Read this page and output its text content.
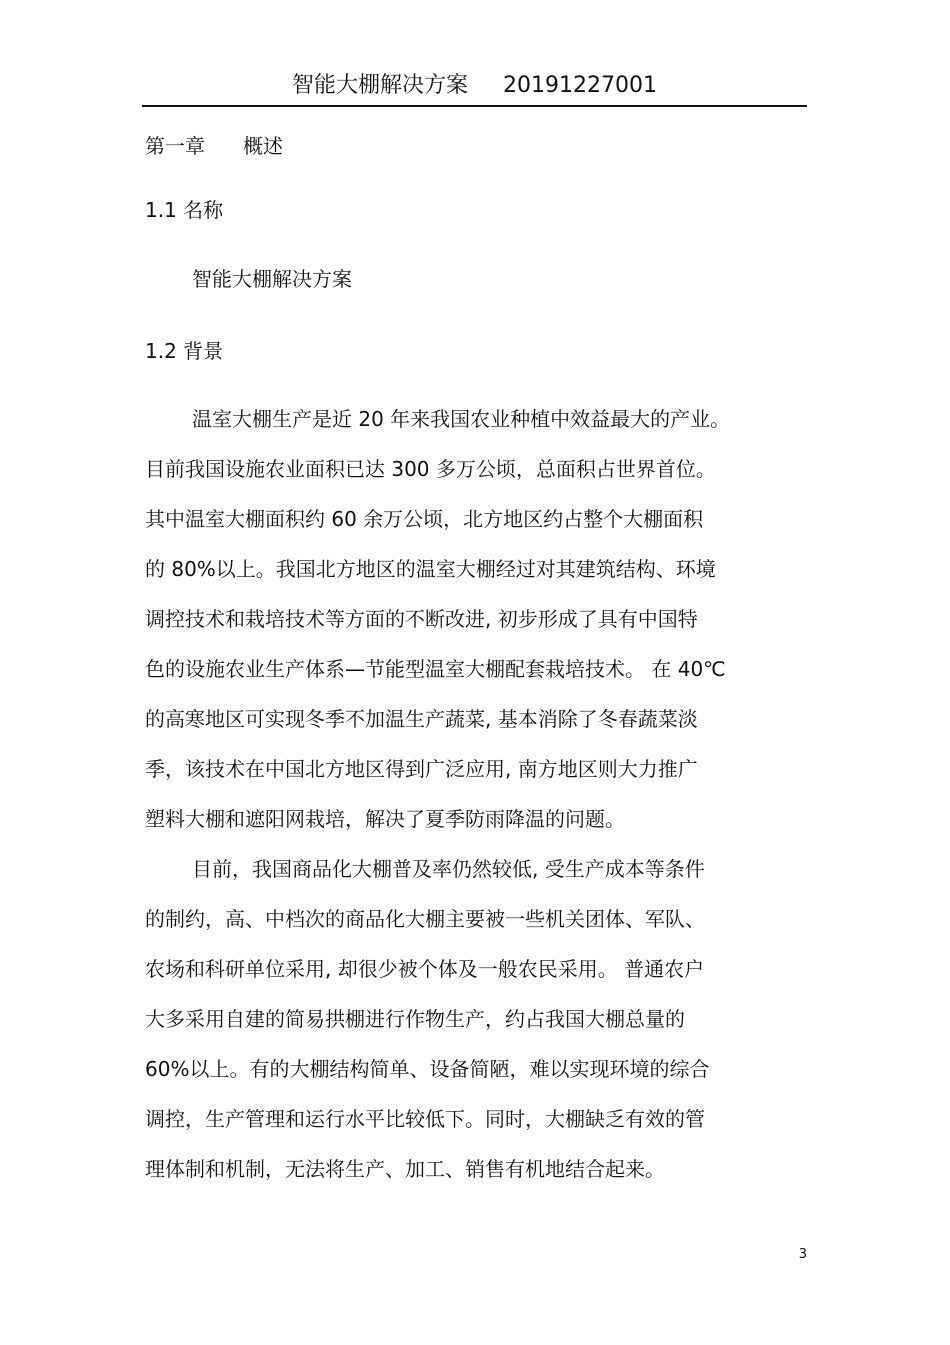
智能大棚解决方案 20191227001
第一章 概述
1.1 名称
智能大棚解决方案
1.2 背景
温室大棚生产是近 20 年来我国农业种植中效益最大的产业。
目前我国设施农业面积已达 300 多万公顷，总面积占世界首位。
其中温室大棚面积约 60 余万公顷，北方地区约占整个大棚面积
的 80%以上。我国北方地区的温室大棚经过对其建筑结构、环境
调控技术和栽培技术等方面的不断改进, 初步形成了具有中国特
色的设施农业生产体系—节能型温室大棚配套栽培技术。 在 40℃
的高寒地区可实现冬季不加温生产蔬菜, 基本消除了冬春蔬菜淡
季，该技术在中国北方地区得到广泛应用, 南方地区则大力推广
塑料大棚和遮阳网栽培，解决了夏季防雨降温的问题。
目前，我国商品化大棚普及率仍然较低, 受生产成本等条件
的制约，高、中档次的商品化大棚主要被一些机关团体、军队、
农场和科研单位采用, 却很少被个体及一般农民采用。 普通农户
大多采用自建的简易拱棚进行作物生产，约占我国大棚总量的
60%以上。有的大棚结构简单、设备简陋，难以实现环境的综合
调控，生产管理和运行水平比较低下。同时，大棚缺乏有效的管
理体制和机制，无法将生产、加工、销售有机地结合起来。
3
